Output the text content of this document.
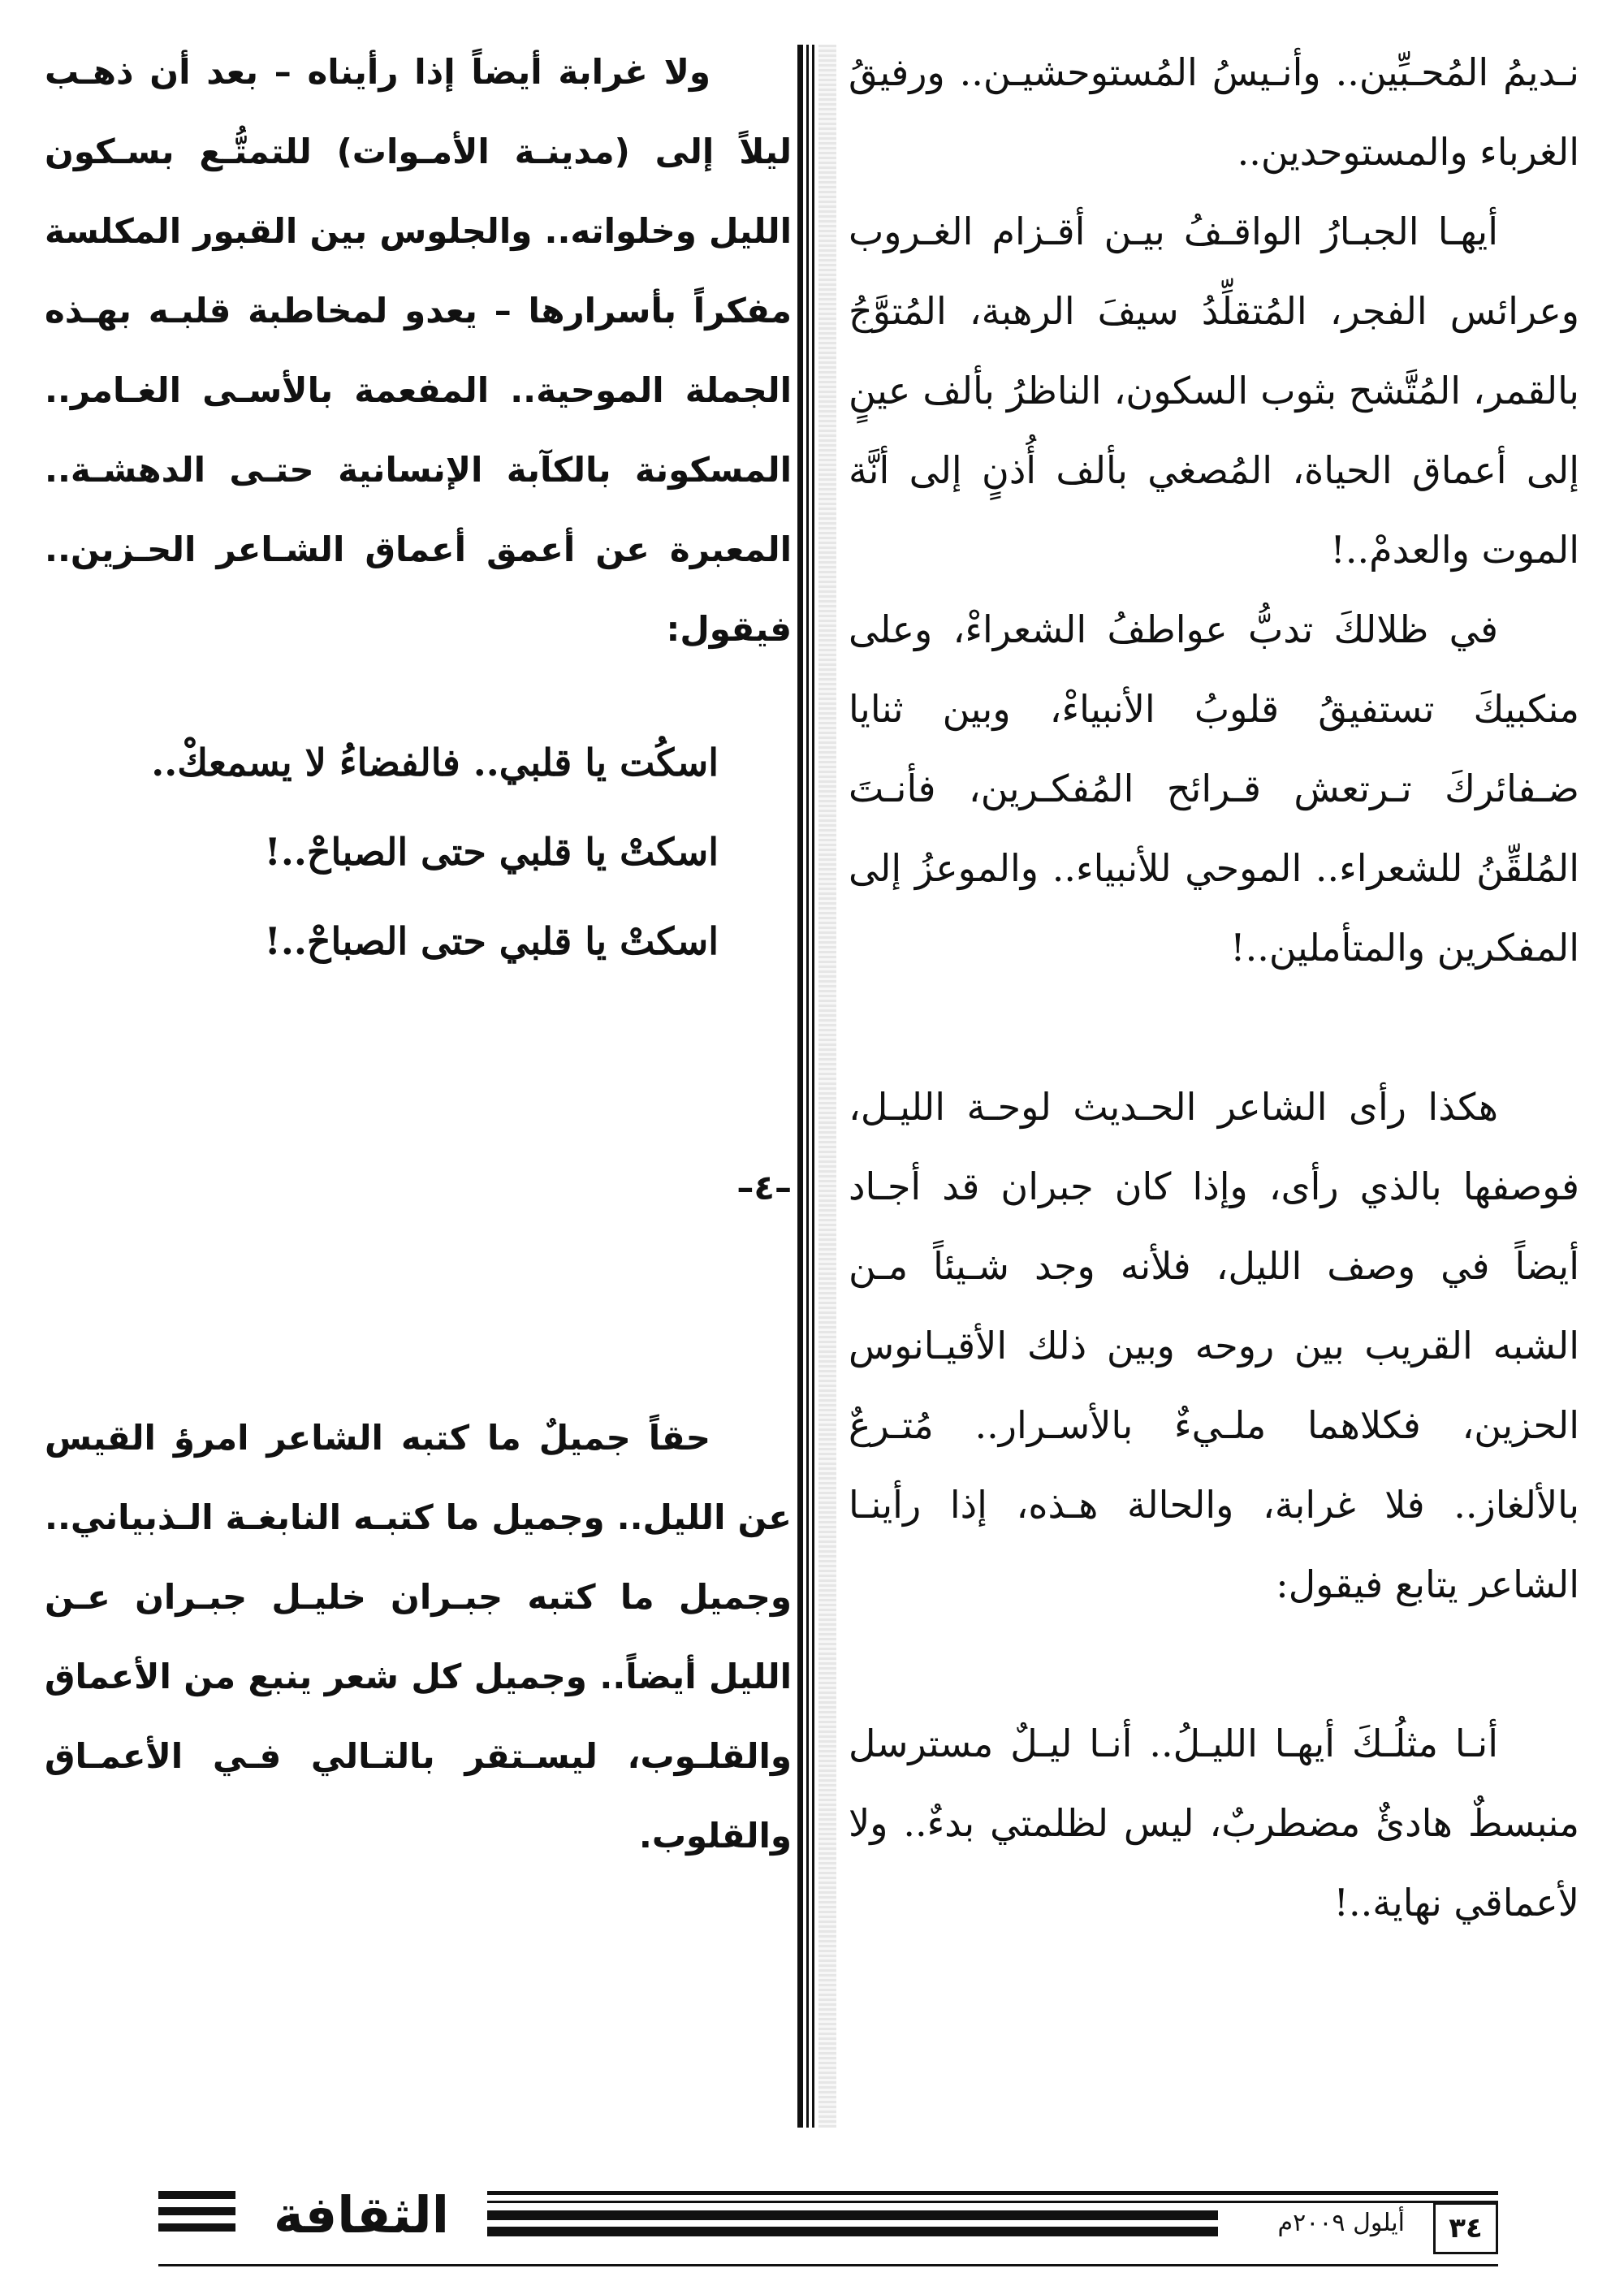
نـديمُ المُحـبِّين.. وأنـيسُ المُستوحشيـن.. ورفيقُ الغرباء والمستوحدين..

أيهـا الجبـارُ الواقـفُ بيـن أقـزام الغـروب وعرائس الفجر، المُتقلِّدُ سيفَ الرهبة، المُتوَّجُ بالقمر، المُتَّشح بثوب السكون، الناظرُ بألف عينٍ إلى أعماق الحياة، المُصغي بألف أُذنٍ إلى أنَّة الموت والعدمْ..!

في ظلالكَ تدبُّ عواطفُ الشعراءْ، وعلى منكبيكَ تستفيقُ قلوبُ الأنبياءْ، وبين ثنايا ضـفائركَ تـرتعش قـرائح المُفكـرين، فأنـتَ المُلقِّنُ للشعراء.. الموحي للأنبياء.. والموعزُ إلى المفكرين والمتأملين..!

هكذا رأى الشاعر الحـديث لوحـة الليـل، فوصفها بالذي رأى، وإذا كان جبران قد أجـاد أيضاً في وصف الليل، فلأنه وجد شـيئاً مـن الشبه القريب بين روحه وبين ذلك الأقيـانوس الحزين، فكلاهما ملـيءٌ بالأسـرار.. مُتـرعٌ بالألغاز.. فلا غرابة، والحالة هـذه، إذا رأينـا الشاعر يتابع فيقول:

أنـا مثلُـكَ أيهـا الليـلُ.. أنـا ليـلٌ مسترسل منبسطٌ هادئٌ مضطربٌ، ليس لظلمتي بدءٌ.. ولا لأعماقي نهاية..!

ولا غرابة أيضاً إذا رأيناه – بعد أن ذهـب ليلاً إلى (مدينـة الأمـوات) للتمتُّـع بسـكون الليل وخلواته.. والجلوس بين القبور المكلسة مفكراً بأسرارها – يعدو لمخاطبة قلبـه بهـذه الجملة الموحية.. المفعمة بالأسـى الغـامر.. المسكونة بالكآبة الإنسانية حتـى الدهشـة.. المعبرة عن أعمق أعماق الشـاعر الحـزين.. فيقول:

اسكُت يا قلبي.. فالفضاءُ لا يسمعكْ..

اسكتْ يا قلبي حتى الصباحْ..!

اسكتْ يا قلبي حتى الصباحْ..!

–٤–

حقاً جميلٌ ما كتبه الشاعر امرؤ القيس عن الليل.. وجميل ما كتبـه النابغـة الـذبياني.. وجميل ما كتبه جبـران خليـل جبـران عـن الليل أيضاً.. وجميل كل شعر ينبع من الأعماق والقلـوب، ليسـتقر بالتـالي فـي الأعمـاق والقلوب.

الثقافة	أيلول ٢٠٠٩م	٣٤
